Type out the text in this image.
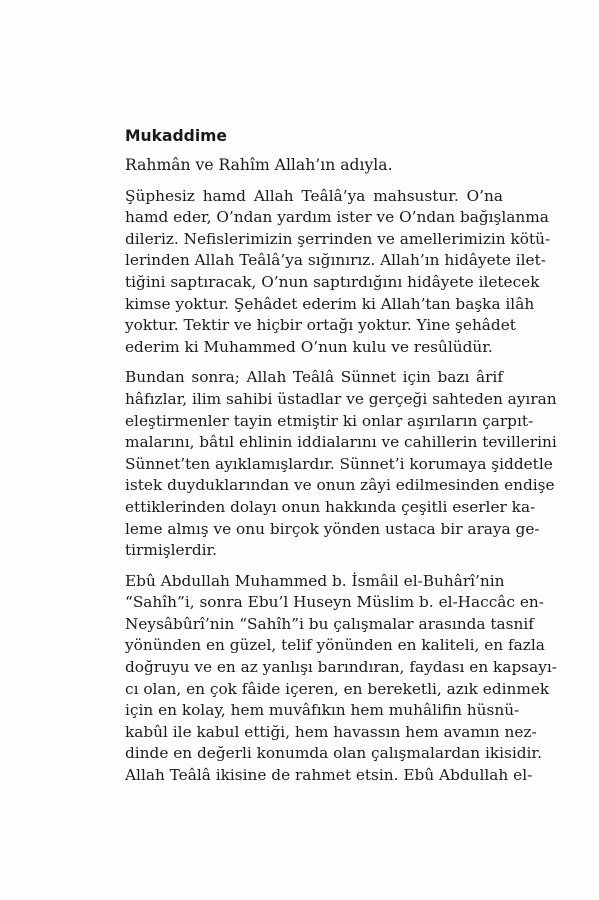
Mukaddime
Rahmân ve Rahîm Allah’ın adıyla.
Şüphesiz hamd Allah Teâlâ’ya mahsustur. O’na
hamd eder, O’ndan yardım ister ve O’ndan bağışlanma
dileriz. Nefislerimizin şerrinden ve amellerimizin kötü-
lerinden Allah Teâlâ’ya sığınırız. Allah’ın hidâyete ilet-
tiğini saptıracak, O’nun saptırdığını hidâyete iletecek
kimse yoktur. Şehâdet ederim ki Allah’tan başka ilâh
yoktur. Tektir ve hiçbir ortağı yoktur. Yine şehâdet
ederim ki Muhammed O’nun kulu ve resûlüdür.
Bundan sonra; Allah Teâlâ Sünnet için bazı ârif
hâfızlar, ilim sahibi üstadlar ve gerçeği sahteden ayıran
eleştirmenler tayin etmiştir ki onlar aşırıların çarpıt-
malarını, bâtıl ehlinin iddialarını ve cahillerin tevillerini
Sünnet’ten ayıklamışlardır. Sünnet’i korumaya şiddetle
istek duyduklarından ve onun zâyi edilmesinden endişe
ettiklerinden dolayı onun hakkında çeşitli eserler ka-
leme almış ve onu birçok yönden ustaca bir araya ge-
tirmişlerdir.
Ebû Abdullah Muhammed b. İsmâil el-Buhârî’nin
“Sahîh”i, sonra Ebu’l Huseyn Müslim b. el-Haccâc en-
Neysâbûrî’nin “Sahîh”i bu çalışmalar arasında tasnif
yönünden en güzel, telif yönünden en kaliteli, en fazla
doğruyu ve en az yanlışı barındıran, faydası en kapsayı-
cı olan, en çok fâide içeren, en bereketli, azık edinmek
için en kolay, hem muvâfıkın hem muhâlifin hüsnü-
kabûl ile kabul ettiği, hem havassın hem avamın nez-
dinde en değerli konumda olan çalışmalardan ikisidir.
Allah Teâlâ ikisine de rahmet etsin. Ebû Abdullah el-
